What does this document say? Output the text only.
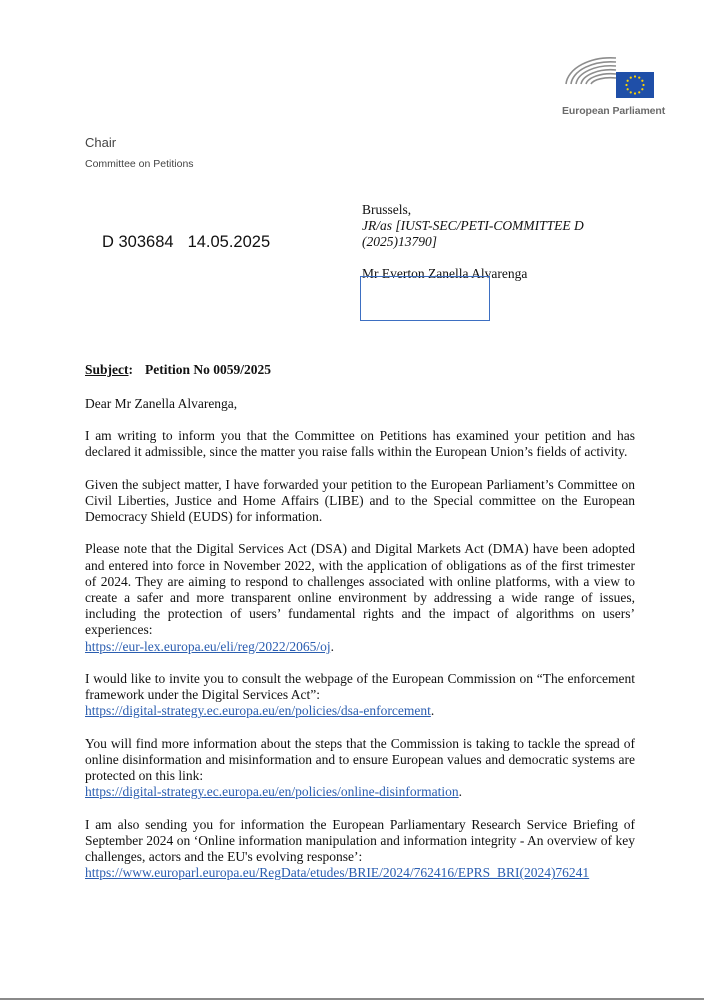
European Parliament
Chair
Committee on Petitions
D 303684 14.05.2025
Brussels,
JR/as [IUST-SEC/PETI-COMMITTEE D
(2025)13790]
Mr Everton Zanella Alvarenga
Subject: Petition No 0059/2025
Dear Mr Zanella Alvarenga,

I am writing to inform you that the Committee on Petitions has examined your petition and has declared it admissible, since the matter you raise falls within the European Union’s fields of activity.

Given the subject matter, I have forwarded your petition to the European Parliament’s Committee on Civil Liberties, Justice and Home Affairs (LIBE) and to the Special committee on the European Democracy Shield (EUDS) for information.

Please note that the Digital Services Act (DSA) and Digital Markets Act (DMA) have been adopted and entered into force in November 2022, with the application of obligations as of the first trimester of 2024. They are aiming to respond to challenges associated with online platforms, with a view to create a safer and more transparent online environment by addressing a wide range of issues, including the protection of users’ fundamental rights and the impact of algorithms on users’ experiences:
https://eur-lex.europa.eu/eli/reg/2022/2065/oj.

I would like to invite you to consult the webpage of the European Commission on “The enforcement framework under the Digital Services Act”:
https://digital-strategy.ec.europa.eu/en/policies/dsa-enforcement.

You will find more information about the steps that the Commission is taking to tackle the spread of online disinformation and misinformation and to ensure European values and democratic systems are protected on this link:
https://digital-strategy.ec.europa.eu/en/policies/online-disinformation.

I am also sending you for information the European Parliamentary Research Service Briefing of September 2024 on ‘Online information manipulation and information integrity - An overview of key challenges, actors and the EU's evolving response’:
https://www.europarl.europa.eu/RegData/etudes/BRIE/2024/762416/EPRS_BRI(2024)76241
